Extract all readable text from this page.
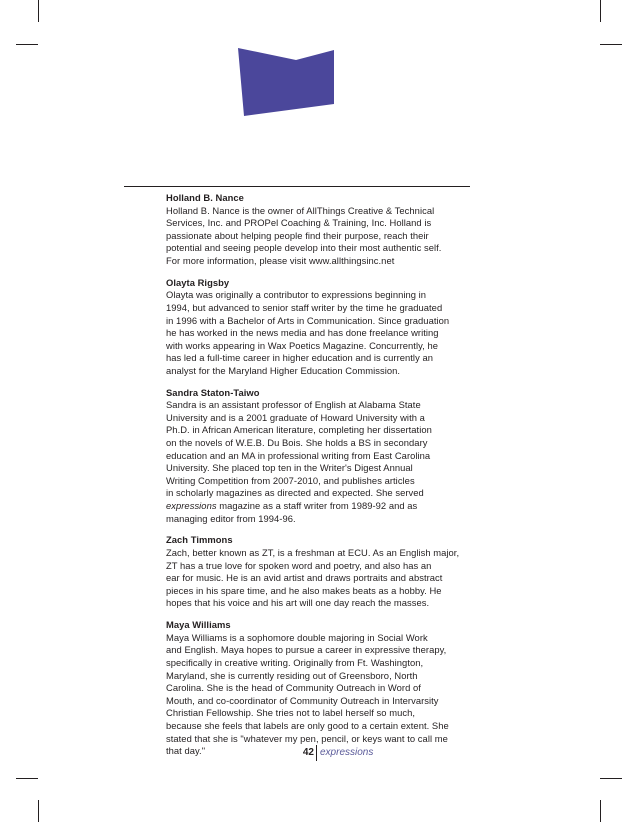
Holland B. Nance
Holland B. Nance is the owner of AllThings Creative & Technical
Services, Inc. and PROPel Coaching & Training, Inc. Holland is
passionate about helping people find their purpose, reach their
potential and seeing people develop into their most authentic self.
For more information, please visit www.allthingsinc.net
Olayta Rigsby
Olayta was originally a contributor to expressions beginning in
1994, but advanced to senior staff writer by the time he graduated
in 1996 with a Bachelor of Arts in Communication. Since graduation
he has worked in the news media and has done freelance writing
with works appearing in Wax Poetics Magazine. Concurrently, he
has led a full-time career in higher education and is currently an
analyst for the Maryland Higher Education Commission.
Sandra Staton-Taiwo
Sandra is an assistant professor of English at Alabama State
University and is a 2001 graduate of Howard University with a
Ph.D. in African American literature, completing her dissertation
on the novels of W.E.B. Du Bois. She holds a BS in secondary
education and an MA in professional writing from East Carolina
University. She placed top ten in the Writer's Digest Annual
Writing Competition from 2007-2010, and publishes articles
in scholarly magazines as directed and expected. She served
expressions magazine as a staff writer from 1989-92 and as
managing editor from 1994-96.
Zach Timmons
Zach, better known as ZT, is a freshman at ECU. As an English major,
ZT has a true love for spoken word and poetry, and also has an
ear for music. He is an avid artist and draws portraits and abstract
pieces in his spare time, and he also makes beats as a hobby. He
hopes that his voice and his art will one day reach the masses.
Maya Williams
Maya Williams is a sophomore double majoring in Social Work
and English. Maya hopes to pursue a career in expressive therapy,
specifically in creative writing. Originally from Ft. Washington,
Maryland, she is currently residing out of Greensboro, North
Carolina. She is the head of Community Outreach in Word of
Mouth, and co-coordinator of Community Outreach in Intervarsity
Christian Fellowship. She tries not to label herself so much,
because she feels that labels are only good to a certain extent. She
stated that she is "whatever my pen, pencil, or keys want to call me
that day."	42 expressions
